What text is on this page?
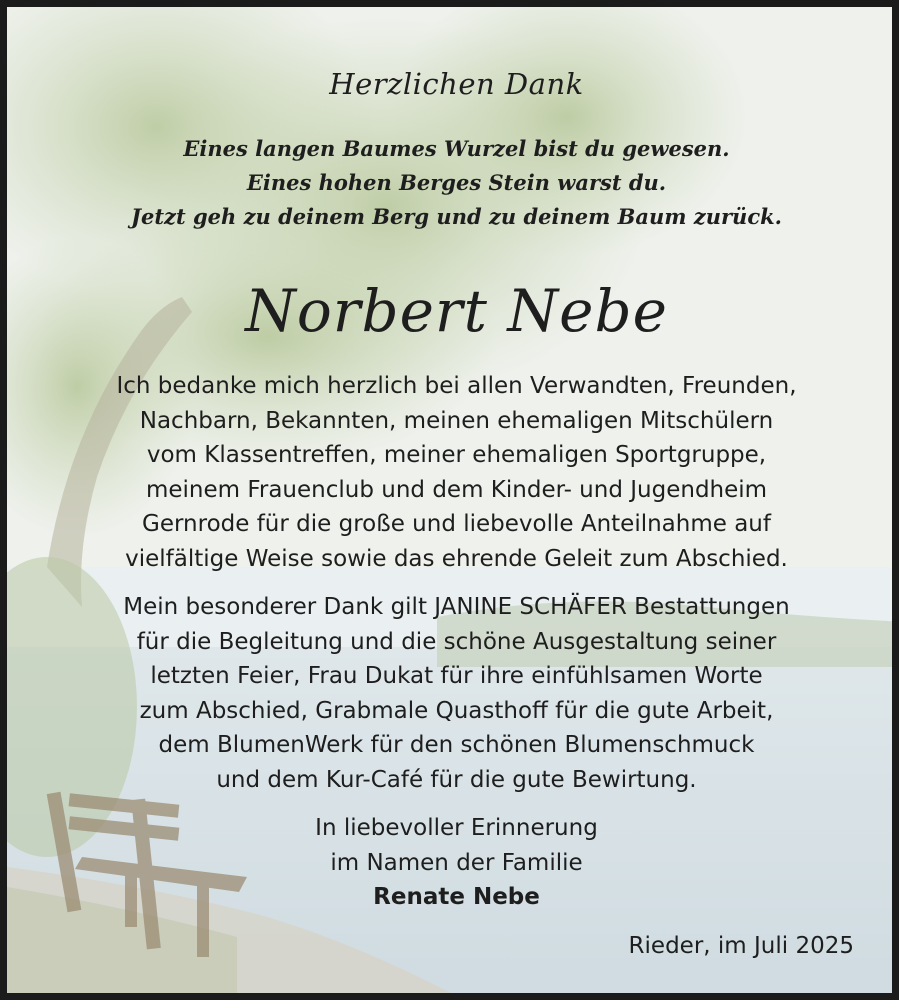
Herzlichen Dank
Eines langen Baumes Wurzel bist du gewesen.
Eines hohen Berges Stein warst du.
Jetzt geh zu deinem Berg und zu deinem Baum zurück.
Norbert Nebe
Ich bedanke mich herzlich bei allen Verwandten, Freunden,
Nachbarn, Bekannten, meinen ehemaligen Mitschülern
vom Klassentreffen, meiner ehemaligen Sportgruppe,
meinem Frauenclub und dem Kinder- und Jugendheim
Gernrode für die große und liebevolle Anteilnahme auf
vielfältige Weise sowie das ehrende Geleit zum Abschied.
Mein besonderer Dank gilt JANINE SCHÄFER Bestattungen
für die Begleitung und die schöne Ausgestaltung seiner
letzten Feier, Frau Dukat für ihre einfühlsamen Worte
zum Abschied, Grabmale Quasthoff für die gute Arbeit,
dem BlumenWerk für den schönen Blumenschmuck
und dem Kur-Café für die gute Bewirtung.
In liebevoller Erinnerung
im Namen der Familie
Renate Nebe
Rieder, im Juli 2025
